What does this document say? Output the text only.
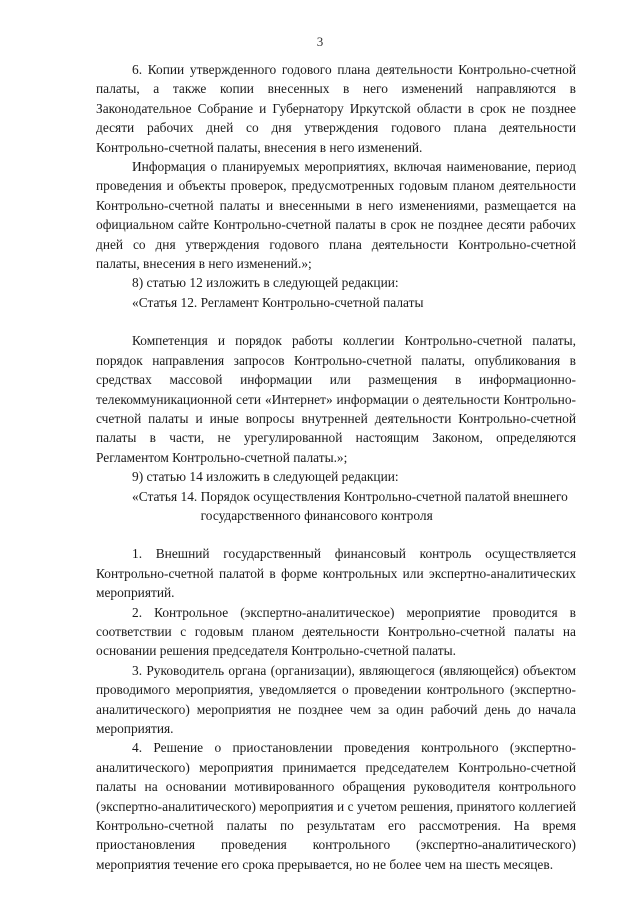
3

6. Копии утвержденного годового плана деятельности Контрольно-счетной палаты, а также копии внесенных в него изменений направляются в Законодательное Собрание и Губернатору Иркутской области в срок не позднее десяти рабочих дней со дня утверждения годового плана деятельности Контрольно-счетной палаты, внесения в него изменений.

Информация о планируемых мероприятиях, включая наименование, период проведения и объекты проверок, предусмотренных годовым планом деятельности Контрольно-счетной палаты и внесенными в него изменениями, размещается на официальном сайте Контрольно-счетной палаты в срок не позднее десяти рабочих дней со дня утверждения годового плана деятельности Контрольно-счетной палаты, внесения в него изменений.»;

8) статью 12 изложить в следующей редакции:

«Статья 12. Регламент Контрольно-счетной палаты

Компетенция и порядок работы коллегии Контрольно-счетной палаты, порядок направления запросов Контрольно-счетной палаты, опубликования в средствах массовой информации или размещения в информационно-телекоммуникационной сети «Интернет» информации о деятельности Контрольно-счетной палаты и иные вопросы внутренней деятельности Контрольно-счетной палаты в части, не урегулированной настоящим Законом, определяются Регламентом Контрольно-счетной палаты.»;

9) статью 14 изложить в следующей редакции:

«Статья 14. Порядок осуществления Контрольно-счетной палатой внешнего государственного финансового контроля

1. Внешний государственный финансовый контроль осуществляется Контрольно-счетной палатой в форме контрольных или экспертно-аналитических мероприятий.

2. Контрольное (экспертно-аналитическое) мероприятие проводится в соответствии с годовым планом деятельности Контрольно-счетной палаты на основании решения председателя Контрольно-счетной палаты.

3. Руководитель органа (организации), являющегося (являющейся) объектом проводимого мероприятия, уведомляется о проведении контрольного (экспертно-аналитического) мероприятия не позднее чем за один рабочий день до начала мероприятия.

4. Решение о приостановлении проведения контрольного (экспертно-аналитического) мероприятия принимается председателем Контрольно-счетной палаты на основании мотивированного обращения руководителя контрольного (экспертно-аналитического) мероприятия и с учетом решения, принятого коллегией Контрольно-счетной палаты по результатам его рассмотрения. На время приостановления проведения контрольного (экспертно-аналитического) мероприятия течение его срока прерывается, но не более чем на шесть месяцев.
